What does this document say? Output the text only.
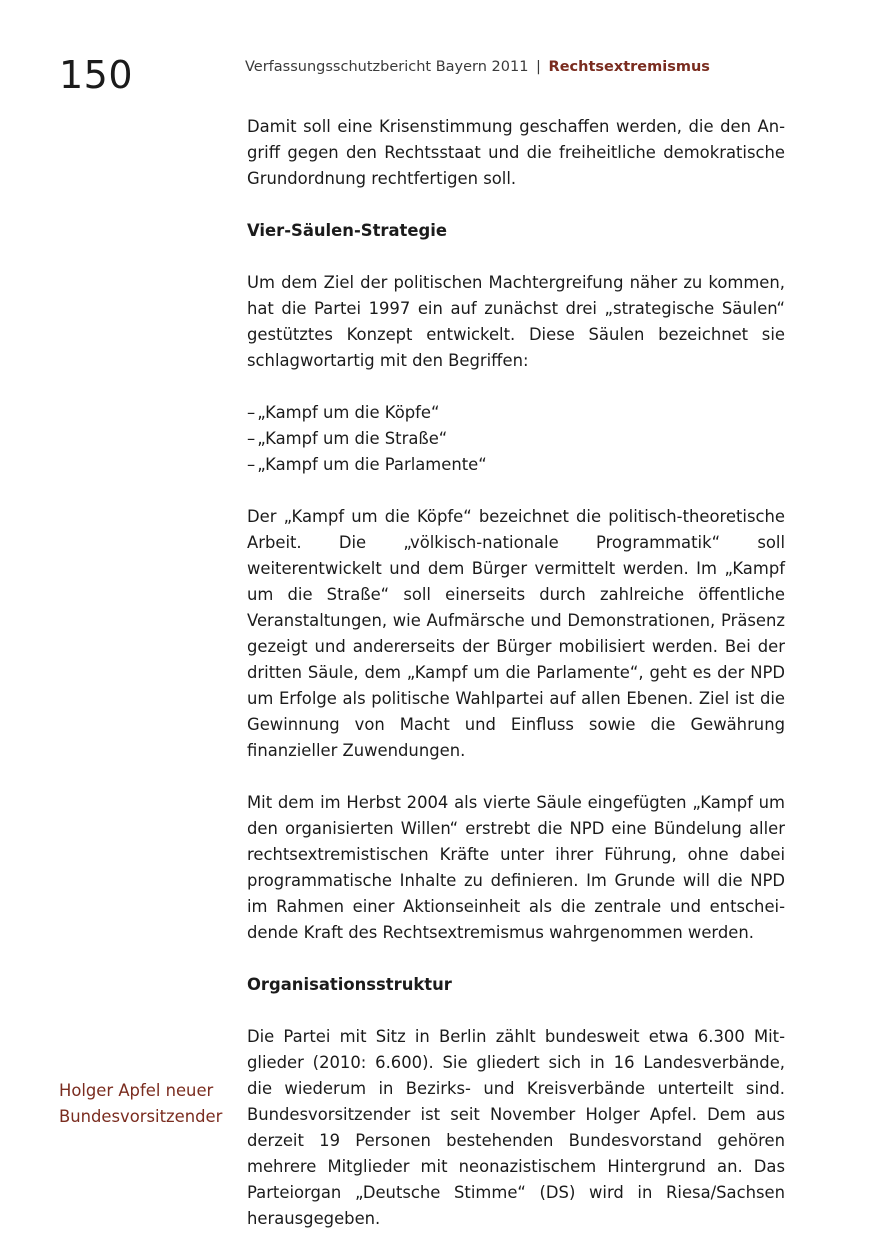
150	Verfassungsschutzbericht Bayern 2011 | Rechtsextremismus

Damit soll eine Krisenstimmung geschaffen werden, die den Angriff gegen den Rechtsstaat und die freiheitliche demokratische Grundordnung rechtfertigen soll.

Vier-Säulen-Strategie

Um dem Ziel der politischen Machtergreifung näher zu kommen, hat die Partei 1997 ein auf zunächst drei „strategische Säulen“ gestütztes Konzept entwickelt. Diese Säulen bezeichnet sie schlagwortartig mit den Begriffen:

– „Kampf um die Köpfe“
– „Kampf um die Straße“
– „Kampf um die Parlamente“

Der „Kampf um die Köpfe“ bezeichnet die politisch-theoretische Arbeit. Die „völkisch-nationale Programmatik“ soll weiterentwickelt und dem Bürger vermittelt werden. Im „Kampf um die Straße“ soll einerseits durch zahlreiche öffentliche Veranstaltungen, wie Aufmärsche und Demonstrationen, Präsenz gezeigt und andererseits der Bürger mobilisiert werden. Bei der dritten Säule, dem „Kampf um die Parlamente“, geht es der NPD um Erfolge als politische Wahlpartei auf allen Ebenen. Ziel ist die Gewinnung von Macht und Einfluss sowie die Gewährung finanzieller Zuwendungen.

Mit dem im Herbst 2004 als vierte Säule eingefügten „Kampf um den organisierten Willen“ erstrebt die NPD eine Bündelung aller rechtsextremistischen Kräfte unter ihrer Führung, ohne dabei programmatische Inhalte zu definieren. Im Grunde will die NPD im Rahmen einer Aktionseinheit als die zentrale und entscheidende Kraft des Rechtsextremismus wahrgenommen werden.

Organisationsstruktur

Die Partei mit Sitz in Berlin zählt bundesweit etwa 6.300 Mitglieder (2010: 6.600). Sie gliedert sich in 16 Landesverbände, die wiederum in Bezirks- und Kreisverbände unterteilt sind. Bundesvorsitzender ist seit November Holger Apfel. Dem aus derzeit 19 Personen bestehenden Bundesvorstand gehören mehrere Mitglieder mit neonazistischem Hintergrund an. Das Parteiorgan „Deutsche Stimme“ (DS) wird in Riesa/Sachsen herausgegeben.

Holger Apfel neuer
Bundesvorsitzender
